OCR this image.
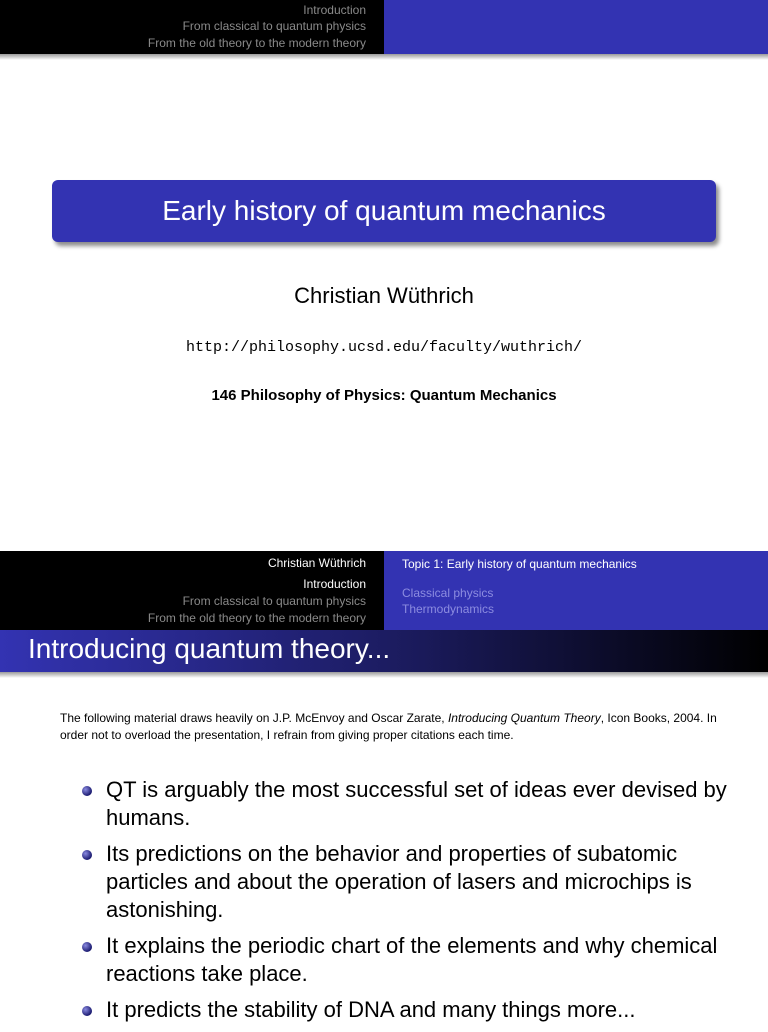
Introduction
From classical to quantum physics
From the old theory to the modern theory
Early history of quantum mechanics
Christian Wüthrich
http://philosophy.ucsd.edu/faculty/wuthrich/
146 Philosophy of Physics: Quantum Mechanics
Christian Wüthrich
Introduction
From classical to quantum physics
From the old theory to the modern theory
Topic 1: Early history of quantum mechanics
Classical physics
Thermodynamics
Introducing quantum theory...
The following material draws heavily on J.P. McEnvoy and Oscar Zarate, Introducing Quantum Theory, Icon Books, 2004. In order not to overload the presentation, I refrain from giving proper citations each time.
QT is arguably the most successful set of ideas ever devised by humans.
Its predictions on the behavior and properties of subatomic particles and about the operation of lasers and microchips is astonishing.
It explains the periodic chart of the elements and why chemical reactions take place.
It predicts the stability of DNA and many things more...
